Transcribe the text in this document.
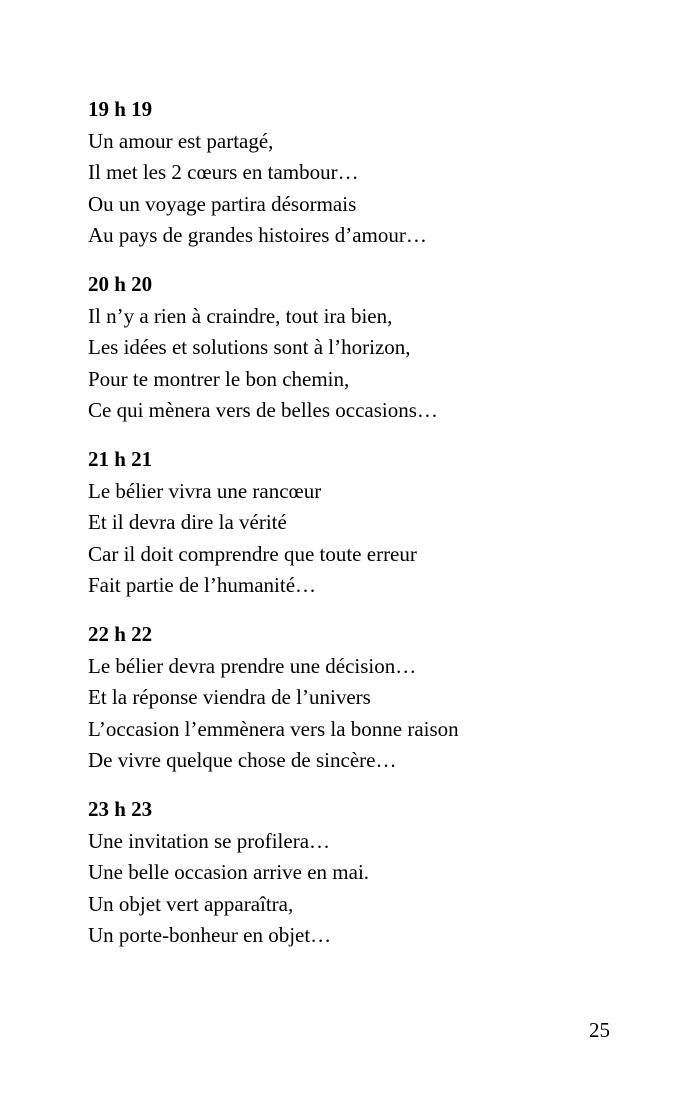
19 h 19
Un amour est partagé,
Il met les 2 cœurs en tambour…
Ou un voyage partira désormais
Au pays de grandes histoires d’amour…
20 h 20
Il n’y a rien à craindre, tout ira bien,
Les idées et solutions sont à l’horizon,
Pour te montrer le bon chemin,
Ce qui mènera vers de belles occasions…
21 h 21
Le bélier vivra une rancœur
Et il devra dire la vérité
Car il doit comprendre que toute erreur
Fait partie de l’humanité…
22 h 22
Le bélier devra prendre une décision…
Et la réponse viendra de l’univers
L’occasion l’emmènera vers la bonne raison
De vivre quelque chose de sincère…
23 h 23
Une invitation se profilera…
Une belle occasion arrive en mai.
Un objet vert apparaîtra,
Un porte-bonheur en objet…
25
